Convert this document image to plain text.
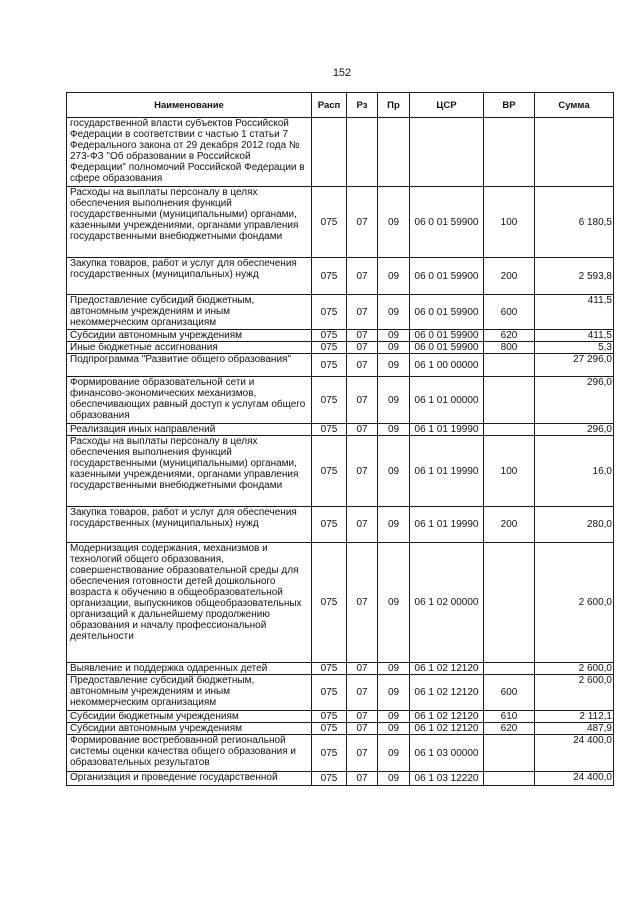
152
Наименование	Расп	Рз	Пр	ЦСР	ВР	Сумма
государственной власти субъектов Российской Федерации в соответствии с частью 1 статьи 7 Федерального закона от 29 декабря 2012 года № 273-ФЗ "Об образовании в Российской Федерации" полномочий Российской Федерации в сфере образования						
Расходы на выплаты персоналу в целях обеспечения выполнения функций государственными (муниципальными) органами, казенными учреждениями, органами управления государственными внебюджетными фондами	075	07	09	06 0 01 59900	100	6 180,5
Закупка товаров, работ и услуг для обеспечения государственных (муниципальных) нужд	075	07	09	06 0 01 59900	200	2 593,8
Предоставление субсидий бюджетным, автономным учреждениям и иным некоммерческим организациям	075	07	09	06 0 01 59900	600	411,5
Субсидии автономным учреждениям	075	07	09	06 0 01 59900	620	411,5
Иные бюджетные ассигнования	075	07	09	06 0 01 59900	800	5,3
Подпрограмма "Развитие общего образования"	075	07	09	06 1 00 00000		27 296,0
Формирование образовательной сети и финансово-экономических механизмов, обеспечивающих равный доступ к услугам общего образования	075	07	09	06 1 01 00000		296,0
Реализация иных направлений	075	07	09	06 1 01 19990		296,0
Расходы на выплаты персоналу в целях обеспечения выполнения функций государственными (муниципальными) органами, казенными учреждениями, органами управления государственными внебюджетными фондами	075	07	09	06 1 01 19990	100	16,0
Закупка товаров, работ и услуг для обеспечения государственных (муниципальных) нужд	075	07	09	06 1 01 19990	200	280,0
Модернизация содержания, механизмов и технологий общего образования, совершенствование образовательной среды для обеспечения готовности детей дошкольного возраста к обучению в общеобразовательной организации, выпускников общеобразовательных организаций к дальнейшему продолжению образования и началу профессиональной деятельности	075	07	09	06 1 02 00000		2 600,0
Выявление и поддержка одаренных детей	075	07	09	06 1 02 12120		2 600,0
Предоставление субсидий бюджетным, автономным учреждениям и иным некоммерческим организациям	075	07	09	06 1 02 12120	600	2 600,0
Субсидии бюджетным учреждениям	075	07	09	06 1 02 12120	610	2 112,1
Субсидии автономным учреждениям	075	07	09	06 1 02 12120	620	487,9
Формирование востребованной региональной системы оценки качества общего образования и образовательных результатов	075	07	09	06 1 03 00000		24 400,0
Организация и проведение государственной	075	07	09	06 1 03 12220		24 400,0
